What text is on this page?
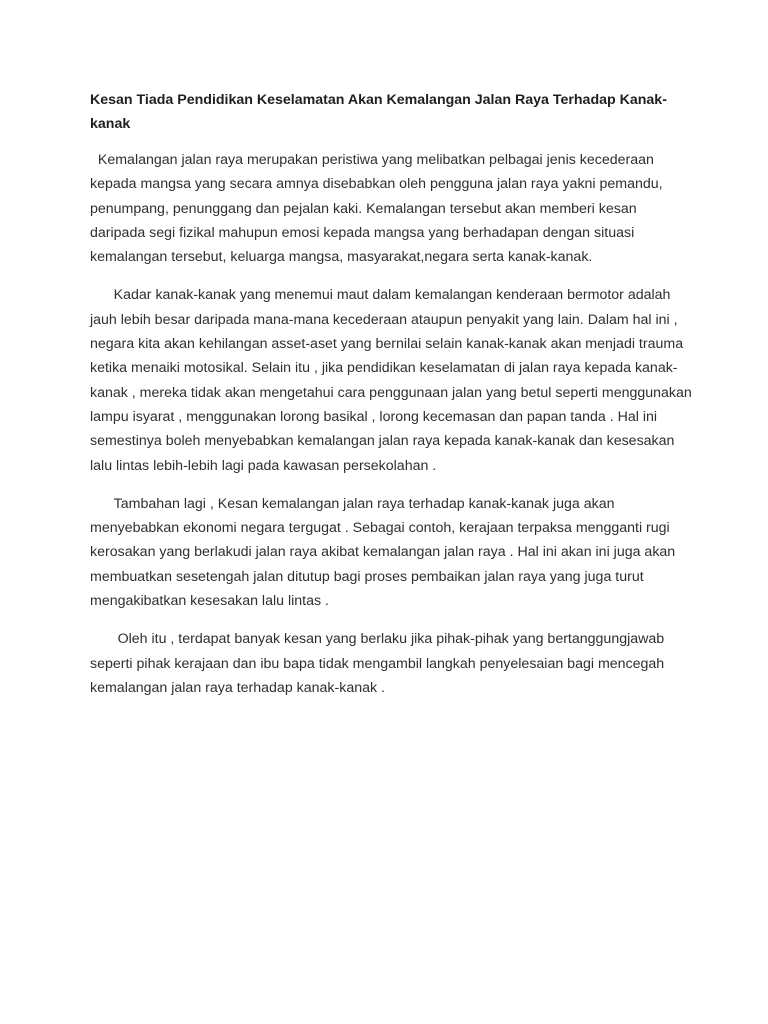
Kesan Tiada Pendidikan Keselamatan Akan Kemalangan Jalan Raya Terhadap Kanak-
kanak
Kemalangan jalan raya merupakan peristiwa yang melibatkan pelbagai jenis kecederaan
kepada mangsa yang secara amnya disebabkan oleh pengguna jalan raya yakni pemandu,
penumpang, penunggang dan pejalan kaki. Kemalangan tersebut akan memberi kesan
daripada segi fizikal mahupun emosi kepada mangsa yang berhadapan dengan situasi
kemalangan tersebut, keluarga mangsa, masyarakat,negara serta kanak-kanak.
Kadar kanak-kanak yang menemui maut dalam kemalangan kenderaan bermotor adalah
jauh lebih besar daripada mana-mana kecederaan ataupun penyakit yang lain. Dalam hal ini ,
negara kita akan kehilangan asset-aset yang bernilai selain kanak-kanak akan menjadi trauma
ketika menaiki motosikal. Selain itu , jika pendidikan keselamatan di jalan raya kepada kanak-
kanak , mereka tidak akan mengetahui cara penggunaan jalan yang betul seperti menggunakan
lampu isyarat , menggunakan lorong basikal , lorong kecemasan dan papan tanda . Hal ini
semestinya boleh menyebabkan kemalangan jalan raya kepada kanak-kanak dan kesesakan
lalu lintas lebih-lebih lagi pada kawasan persekolahan .
Tambahan lagi , Kesan kemalangan jalan raya terhadap kanak-kanak juga akan
menyebabkan ekonomi negara tergugat . Sebagai contoh, kerajaan terpaksa mengganti rugi
kerosakan yang berlakudi jalan raya akibat kemalangan jalan raya . Hal ini akan ini juga akan
membuatkan sesetengah jalan ditutup bagi proses pembaikan jalan raya yang juga turut
mengakibatkan kesesakan lalu lintas .
Oleh itu , terdapat banyak kesan yang berlaku jika pihak-pihak yang bertanggungjawab
seperti pihak kerajaan dan ibu bapa tidak mengambil langkah penyelesaian bagi mencegah
kemalangan jalan raya terhadap kanak-kanak .
